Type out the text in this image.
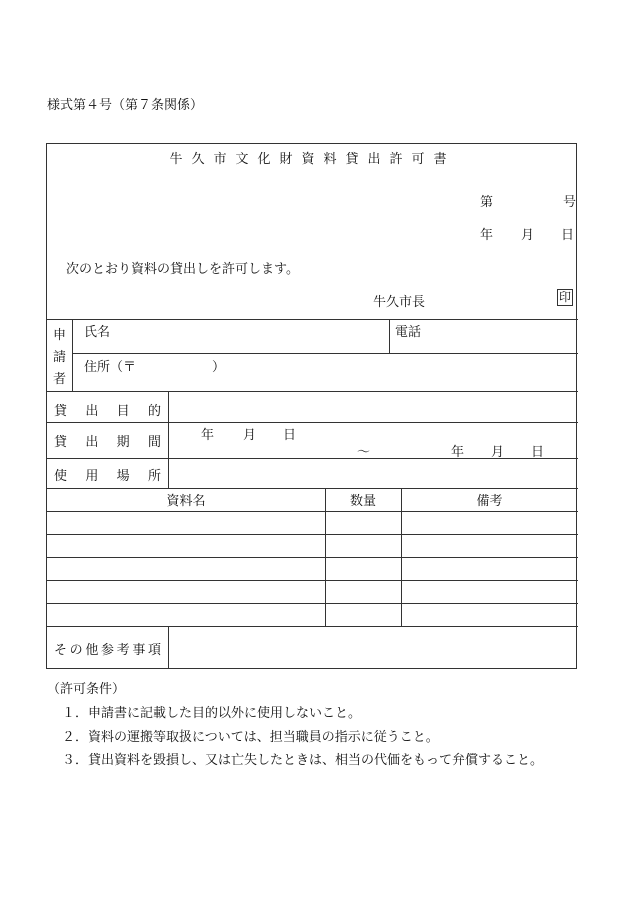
様式第４号（第７条関係）
牛久市文化財資料貸出許可書
第	号
年 月 日
次のとおり資料の貸出しを許可します。
牛久市長	印
申
請
者
氏名	電話
住所（〒	）
貸出目的
貸出期間	年 月 日
～	年 月 日
使用場所
資料名	数量	備考
その他参考事項
（許可条件）
１．申請書に記載した目的以外に使用しないこと。
２．資料の運搬等取扱については、担当職員の指示に従うこと。
３．貸出資料を毀損し、又は亡失したときは、相当の代価をもって弁償すること。
